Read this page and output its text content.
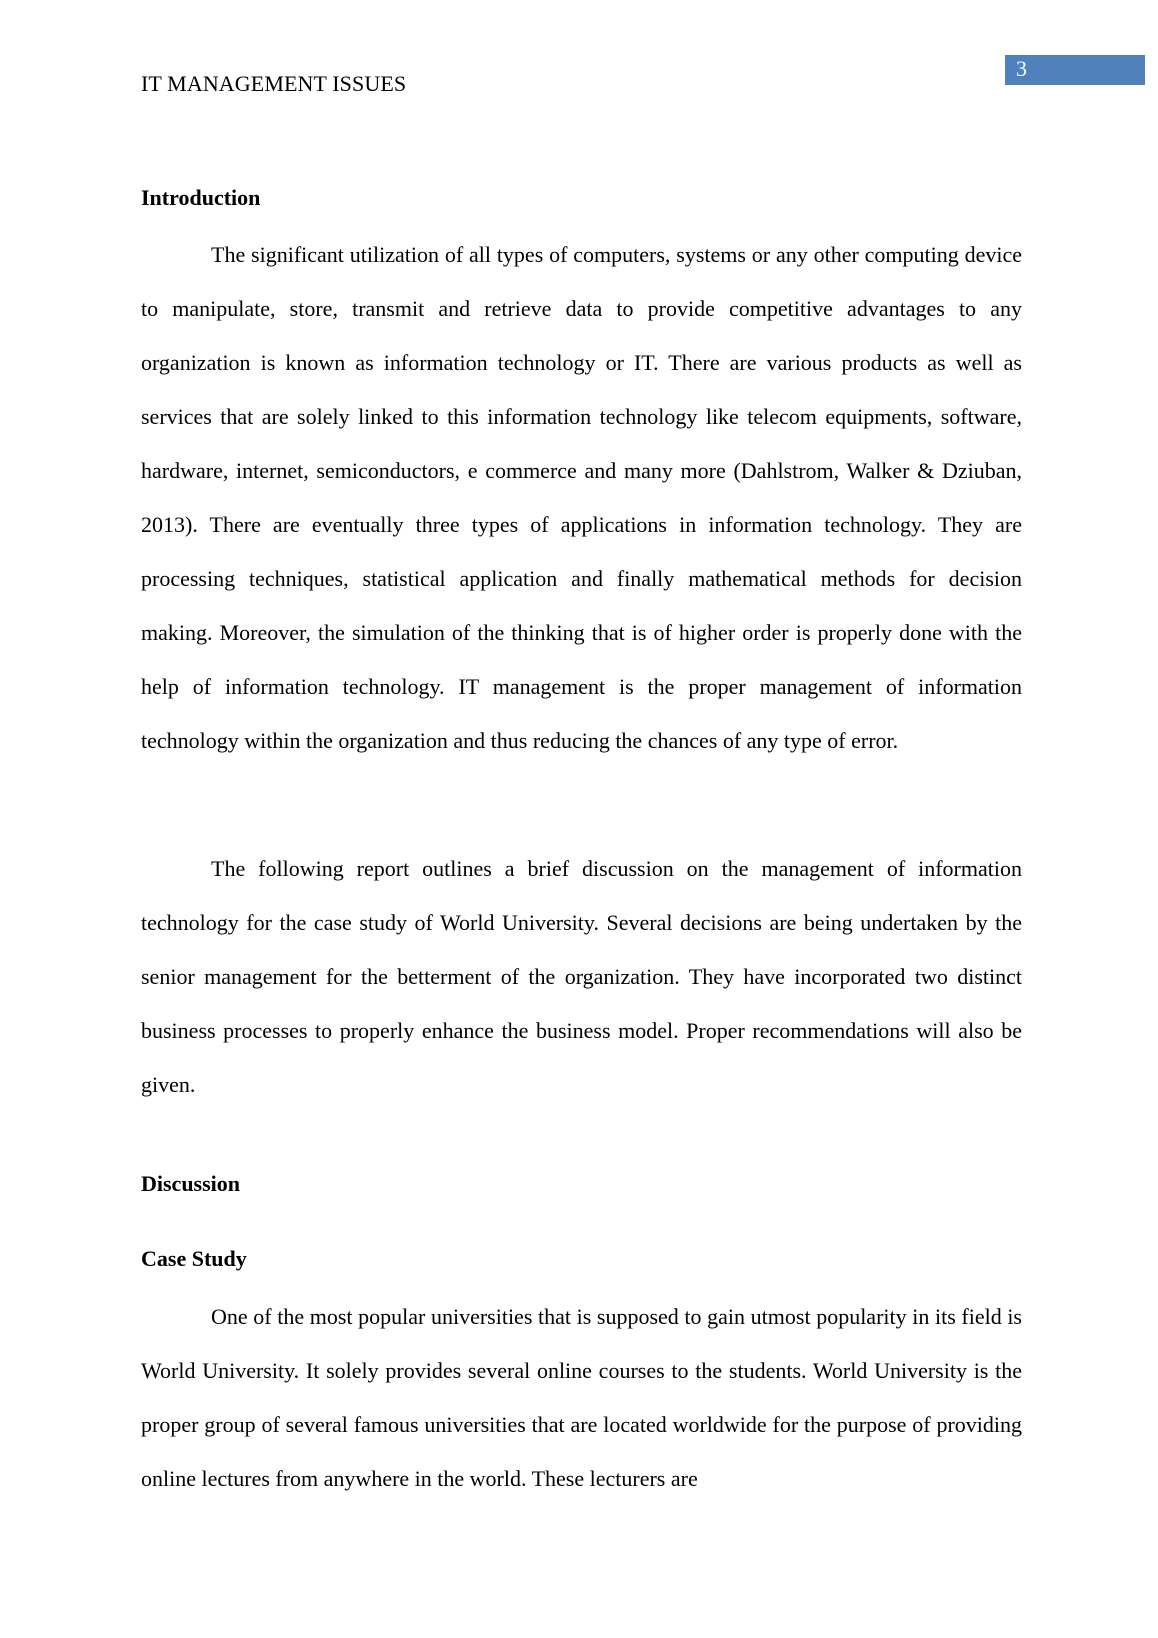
3
IT MANAGEMENT ISSUES
Introduction

The significant utilization of all types of computers, systems or any other computing device to manipulate, store, transmit and retrieve data to provide competitive advantages to any organization is known as information technology or IT. There are various products as well as services that are solely linked to this information technology like telecom equipments, software, hardware, internet, semiconductors, e commerce and many more (Dahlstrom, Walker & Dziuban, 2013). There are eventually three types of applications in information technology. They are processing techniques, statistical application and finally mathematical methods for decision making. Moreover, the simulation of the thinking that is of higher order is properly done with the help of information technology. IT management is the proper management of information technology within the organization and thus reducing the chances of any type of error.

The following report outlines a brief discussion on the management of information technology for the case study of World University. Several decisions are being undertaken by the senior management for the betterment of the organization. They have incorporated two distinct business processes to properly enhance the business model. Proper recommendations will also be given.

Discussion
Case Study

One of the most popular universities that is supposed to gain utmost popularity in its field is World University. It solely provides several online courses to the students. World University is the proper group of several famous universities that are located worldwide for the purpose of providing online lectures from anywhere in the world. These lecturers are
